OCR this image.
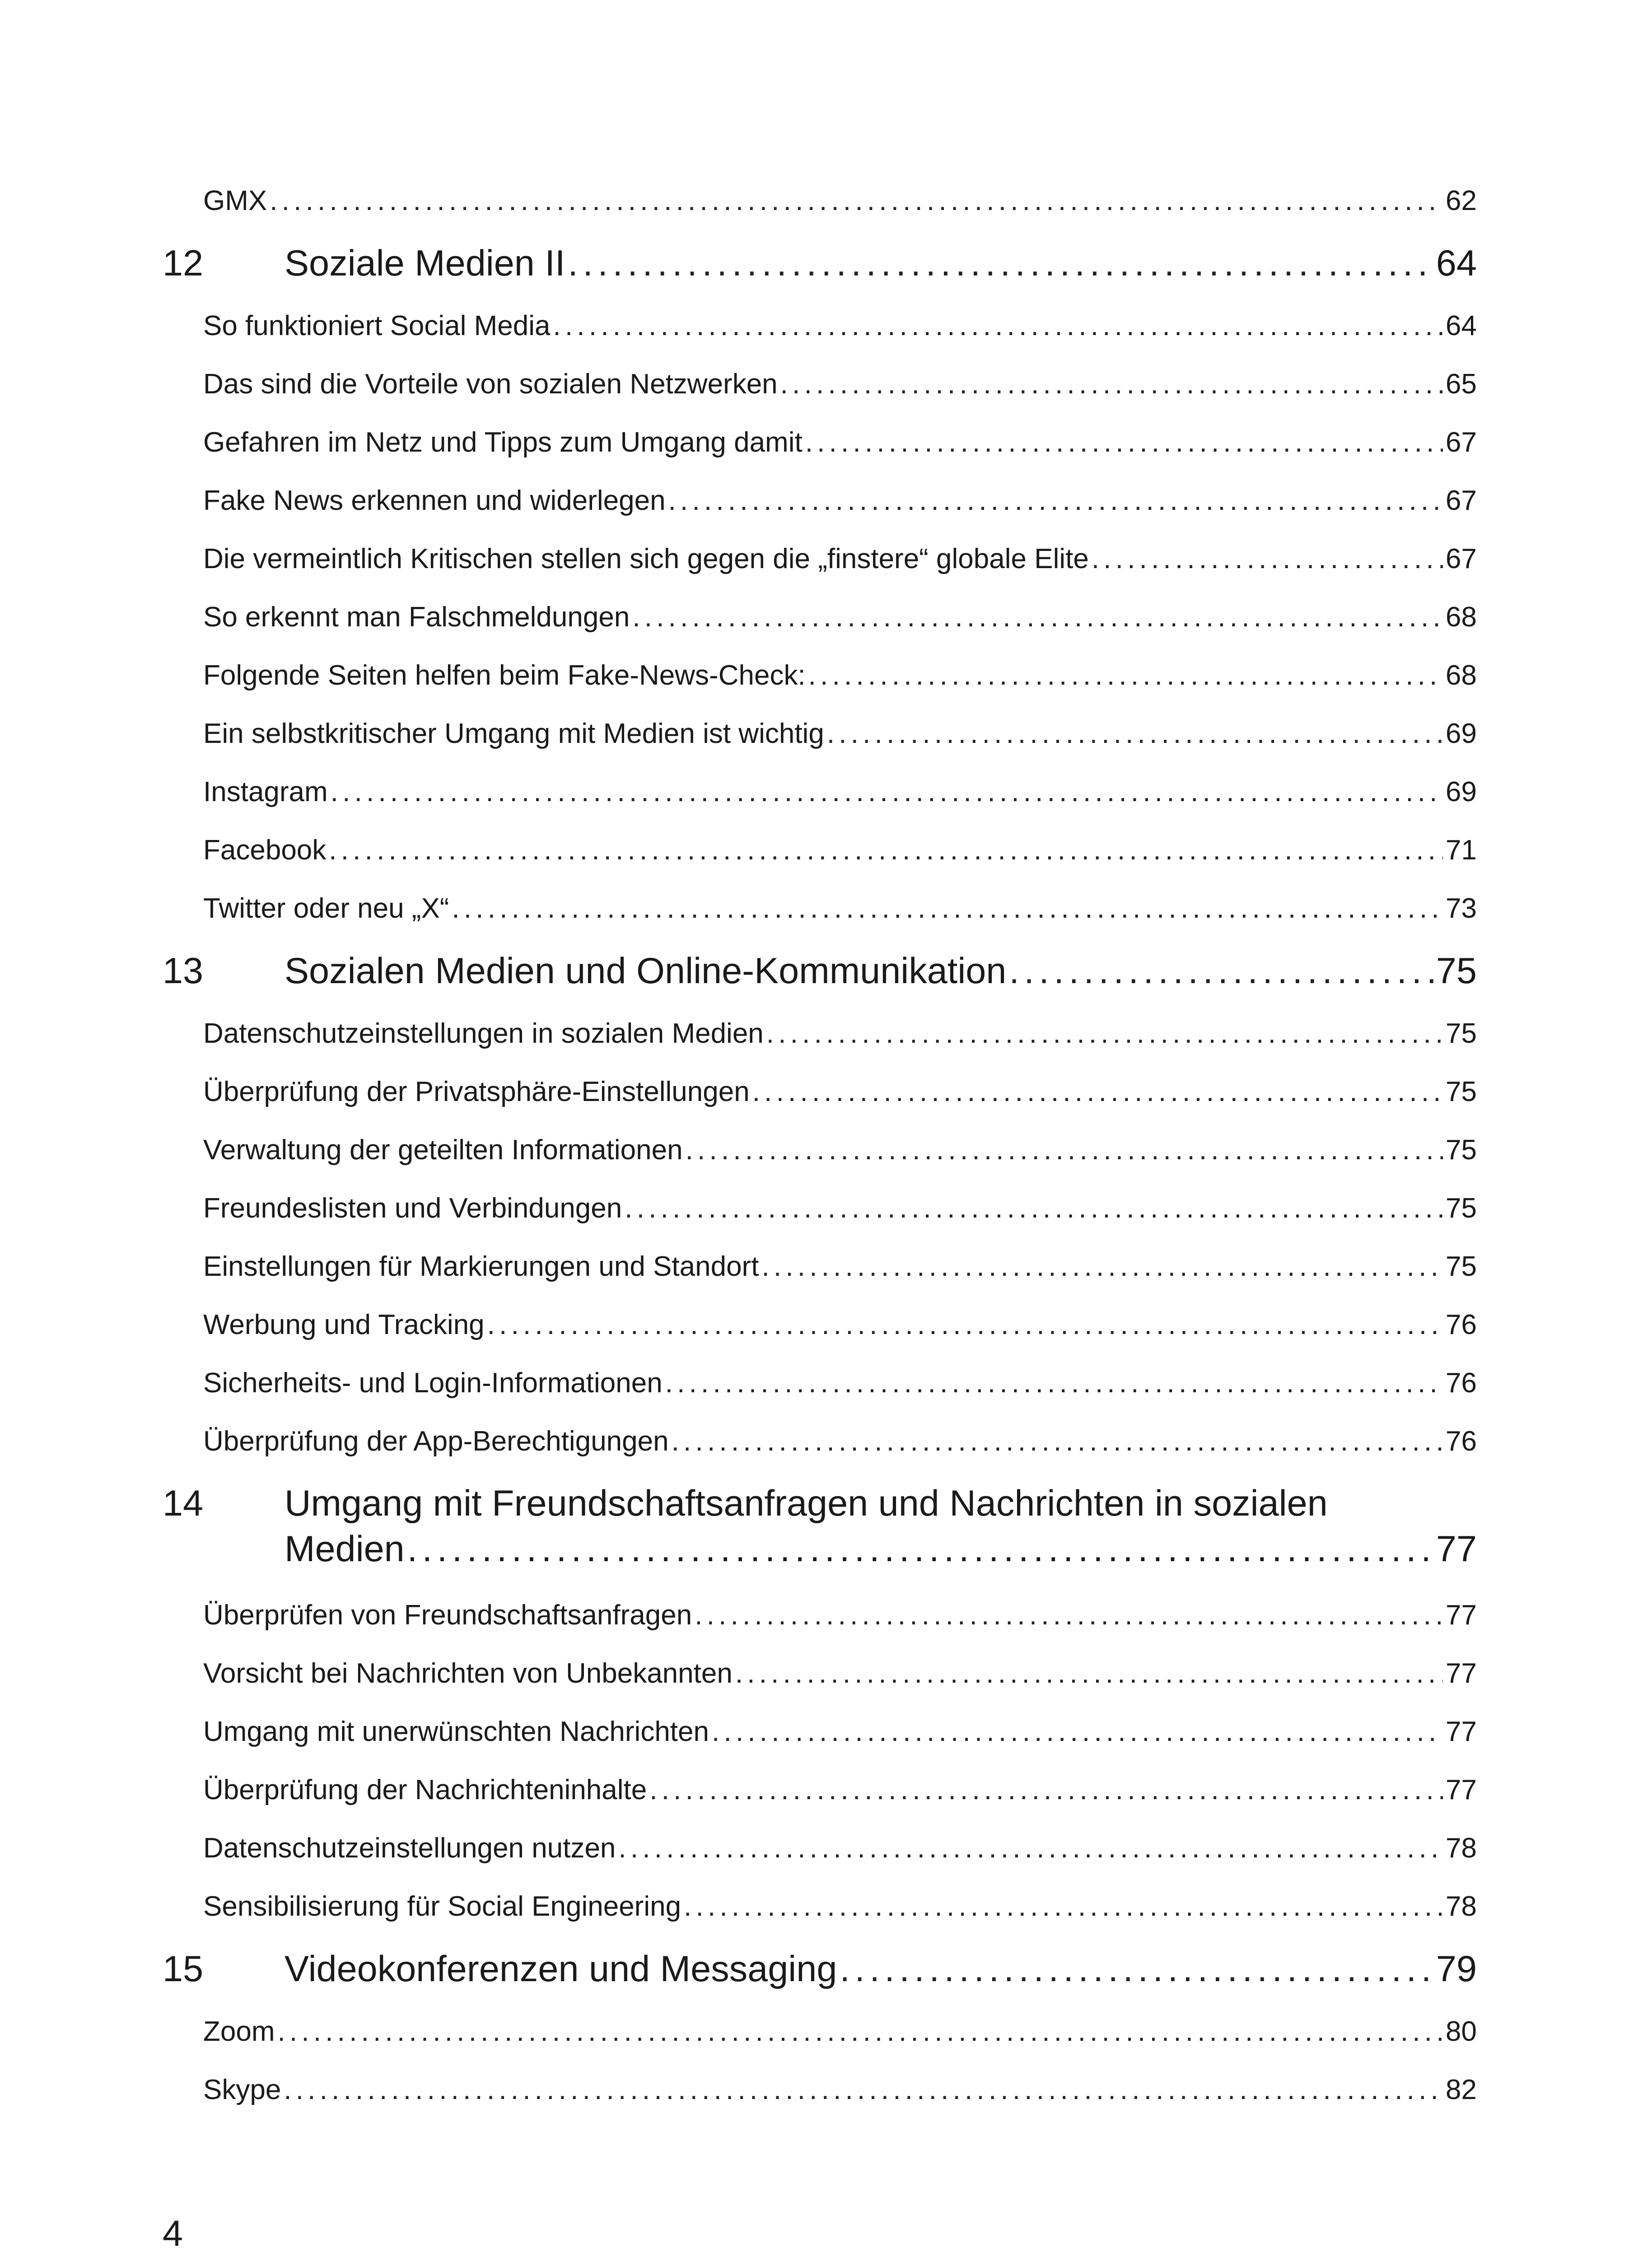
GMX . . .	62
12	Soziale Medien II . . .	64
So funktioniert Social Media . . .	64
Das sind die Vorteile von sozialen Netzwerken . . .	65
Gefahren im Netz und Tipps zum Umgang damit . . .	67
Fake News erkennen und widerlegen . . .	67
Die vermeintlich Kritischen stellen sich gegen die „finstere“ globale Elite . . .	67
So erkennt man Falschmeldungen . . .	68
Folgende Seiten helfen beim Fake-News-Check: . . .	68
Ein selbstkritischer Umgang mit Medien ist wichtig . . .	69
Instagram . . .	69
Facebook . . .	71
Twitter oder neu „X“ . . .	73
13	Sozialen Medien und Online-Kommunikation . . .	75
Datenschutzeinstellungen in sozialen Medien . . .	75
Überprüfung der Privatsphäre-Einstellungen . . .	75
Verwaltung der geteilten Informationen . . .	75
Freundeslisten und Verbindungen . . .	75
Einstellungen für Markierungen und Standort . . .	75
Werbung und Tracking . . .	76
Sicherheits- und Login-Informationen . . .	76
Überprüfung der App-Berechtigungen . . .	76
14	Umgang mit Freundschaftsanfragen und Nachrichten in sozialen
Medien . . .	77
Überprüfen von Freundschaftsanfragen . . .	77
Vorsicht bei Nachrichten von Unbekannten . . .	77
Umgang mit unerwünschten Nachrichten . . .	77
Überprüfung der Nachrichteninhalte . . .	77
Datenschutzeinstellungen nutzen . . .	78
Sensibilisierung für Social Engineering . . .	78
15	Videokonferenzen und Messaging . . .	79
Zoom . . .	80
Skype . . .	82
4
